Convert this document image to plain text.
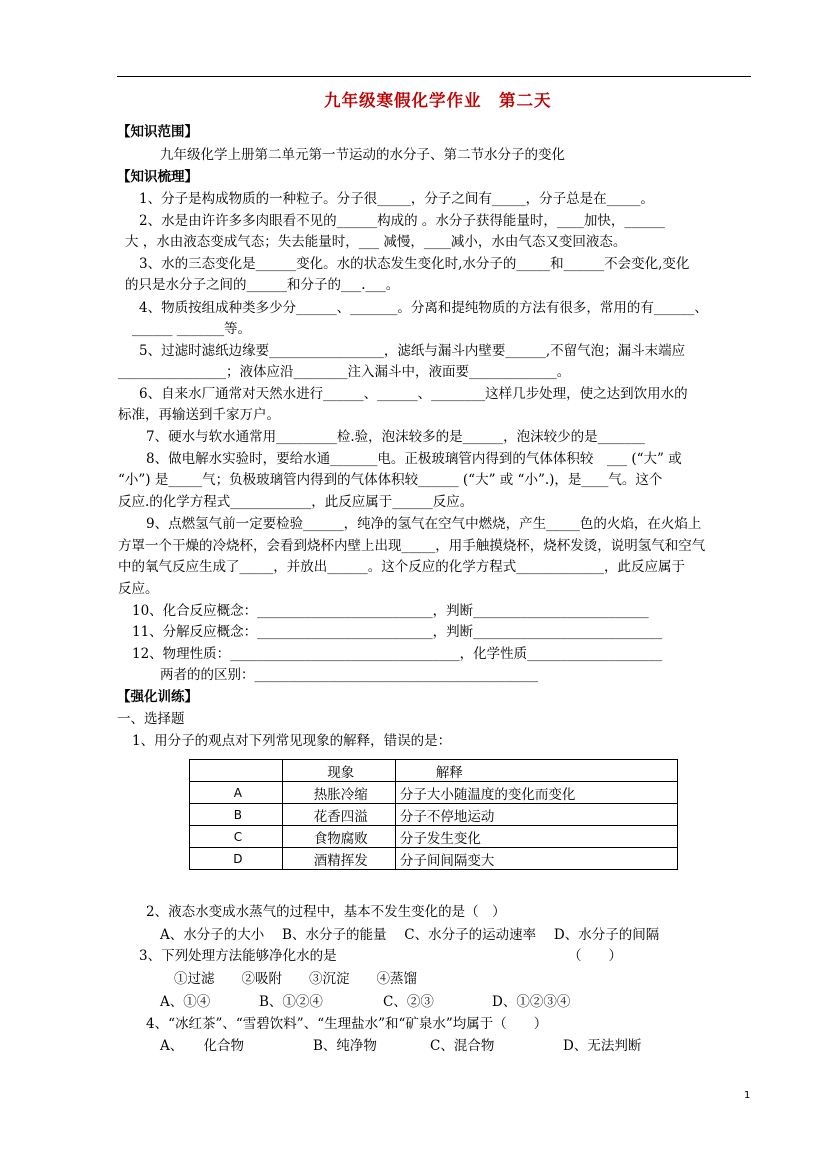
九年级寒假化学作业　第二天
【知识范围】
九年级化学上册第二单元第一节运动的水分子、第二节水分子的变化
【知识梳理】
1、分子是构成物质的一种粒子。分子很_____，分子之间有_____，分子总是在_____。
2、水是由许许多多肉眼看不见的______构成的 。水分子获得能量时，____加快，______
大 ，水由液态变成气态；失去能量时，___ 减慢，____减小，水由气态又变回液态。
3、水的三态变化是______变化。水的状态发生变化时,水分子的_____和______不会变化,变化
的只是水分子之间的______和分子的___.___。
4、物质按组成种类多少分______、_______。分离和提纯物质的方法有很多，常用的有______、
______ _______等。
5、过滤时滤纸边缘要_________________，滤纸与漏斗内壁要______,不留气泡；漏斗末端应
________________；液体应沿________注入漏斗中，液面要_____________。
6、自来水厂通常对天然水进行______、______、________这样几步处理，使之达到饮用水的
标准，再输送到千家万户。
7、硬水与软水通常用_________检.验，泡沫较多的是______，泡沫较少的是_______
8、做电解水实验时，要给水通_______电。正极玻璃管内得到的气体体积较　___ (“大” 或
“小”) 是_____气；负极玻璃管内得到的气体体积较______ (“大” 或 “小”.)，是____气。这个
反应.的化学方程式____________，此反应属于______反应。
9、点燃氢气前一定要检验______，纯净的氢气在空气中燃烧，产生_____色的火焰，在火焰上
方罩一个干燥的冷烧杯，会看到烧杯内壁上出现_____，用手触摸烧杯，烧杯发烫，说明氢气和空气
中的氧气反应生成了_____，并放出______。这个反应的化学方程式_____________，此反应属于
反应。
10、化合反应概念：__________________________，判断__________________________
11、分解反应概念：__________________________，判断____________________________
12、物理性质：__________________________________，化学性质____________________
两者的的区别：__________________________________________
【强化训练】
一、选择题
1、用分子的观点对下列常见现象的解释，错误的是：
	现象	解释
A	热胀冷缩	分子大小随温度的变化而变化
B	花香四溢	分子不停地运动
C	食物腐败	分子发生变化
D	酒精挥发	分子间间隔变大
2、液态水变成水蒸气的过程中，基本不发生变化的是（　）
A、水分子的大小　 B、水分子的能量　 C、水分子的运动速率　 D、水分子的间隔
3、下列处理方法能够净化水的是	（　　）
①过滤　　②吸附　　③沉淀　　④蒸馏
A、①④	B、①②④	C、②③	D、①②③④
4、“冰红茶”、“雪碧饮料”、“生理盐水”和“矿泉水”均属于（　　）
A、　　化合物	B、纯净物	C、混合物	D、无法判断
1
